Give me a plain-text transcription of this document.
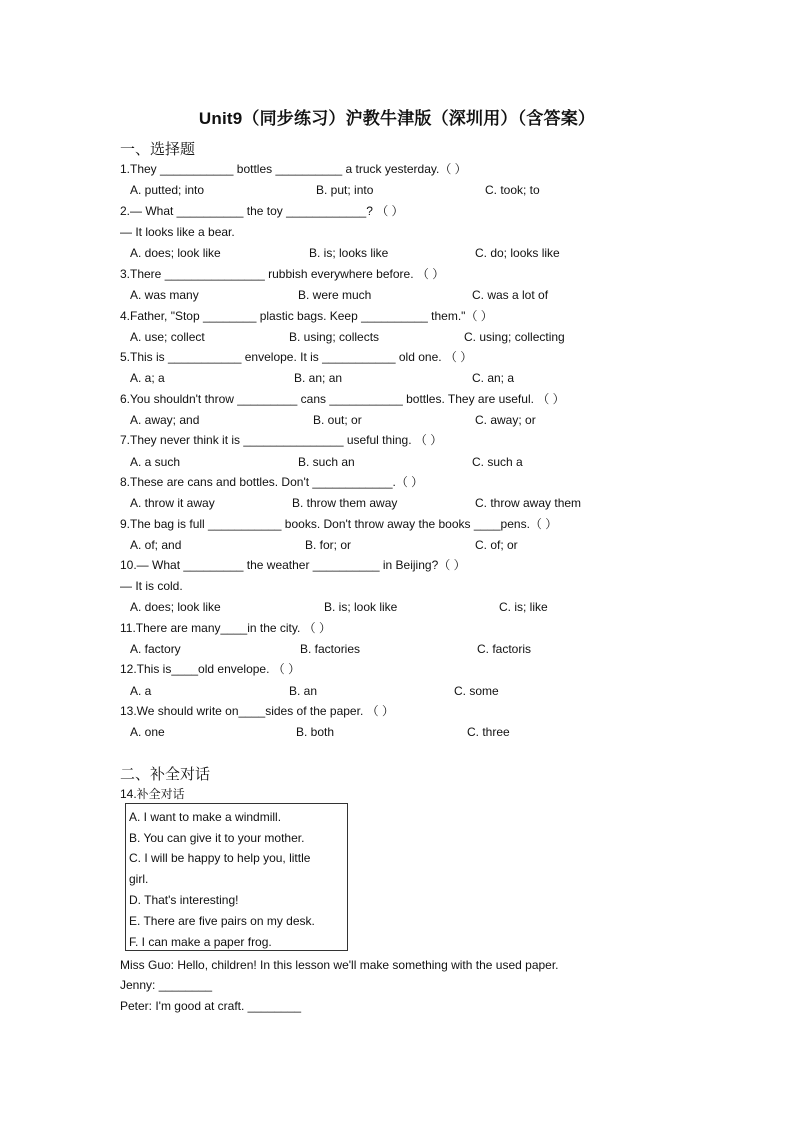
Unit9（同步练习）沪教牛津版（深圳用）（含答案）
一、选择题
1.They ___________ bottles __________ a truck yesterday.（ ）
A. putted; into	B. put; into	C. took; to
2.— What __________ the toy ____________? （ ）
— It looks like a bear.
A. does; look like	B. is; looks like	C. do; looks like
3.There _______________ rubbish everywhere before. （ ）
A. was many	B. were much	C. was a lot of
4.Father, "Stop ________ plastic bags. Keep __________ them."（ ）
A. use; collect	B. using; collects	C. using; collecting
5.This is ___________ envelope. It is ___________ old one. （ ）
A. a; a	B. an; an	C. an; a
6.You shouldn't throw _________ cans ___________ bottles. They are useful. （ ）
A. away; and	B. out; or	C. away; or
7.They never think it is _______________ useful thing. （ ）
A. a such	B. such an	C. such a
8.These are cans and bottles. Don't ____________.（ ）
A. throw it away	B. throw them away	C. throw away them
9.The bag is full ___________ books. Don't throw away the books ____pens.（ ）
A. of; and	B. for; or	C. of; or
10.— What _________ the weather __________ in Beijing?（ ）
— It is cold.
A. does; look like	B. is; look like	C. is; like
11.There are many____in the city. （ ）
A. factory	B. factories	C. factoris
12.This is____old envelope. （ ）
A. a	B. an	C. some
13.We should write on____sides of the paper. （ ）
A. one	B. both	C. three
二、补全对话
14.补全对话
A. I want to make a windmill.
B. You can give it to your mother.
C. I will be happy to help you, little
girl.
D. That's interesting!
E. There are five pairs on my desk.
F. I can make a paper frog.
Miss Guo: Hello, children! In this lesson we'll make something with the used paper.
Jenny: ________
Peter: I'm good at craft. ________
